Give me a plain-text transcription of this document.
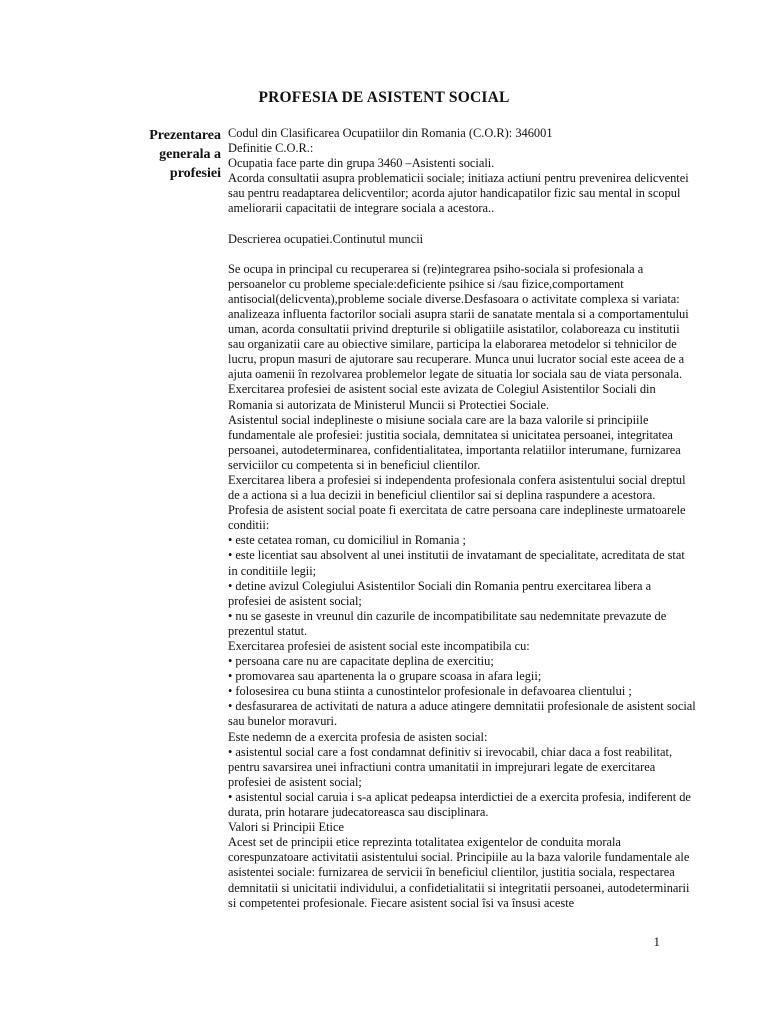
PROFESIA DE ASISTENT SOCIAL
Prezentarea generala a profesiei

Codul din Clasificarea Ocupatiilor din Romania (C.O.R): 346001

Definitie C.O.R.:

Ocupatia face parte din grupa 3460 –Asistenti sociali.

Acorda consultatii asupra problematicii sociale; initiaza actiuni pentru prevenirea delicventei sau pentru readaptarea delicventilor; acorda ajutor handicapatilor fizic sau mental in scopul ameliorarii capacitatii de integrare sociala a acestora..

Descrierea ocupatiei.Continutul muncii

Se ocupa in principal cu recuperarea si (re)integrarea psiho-sociala si profesionala a persoanelor cu probleme speciale:deficiente psihice si /sau fizice,comportament antisocial(delicventa),probleme sociale diverse.Desfasoara o activitate complexa si variata: analizeaza influenta factorilor sociali asupra starii de sanatate mentala si a comportamentului uman, acorda consultatii privind drepturile si obligatiile asistatilor, colaboreaza cu institutii sau organizatii care au obiective similare, participa la elaborarea metodelor si tehnicilor de lucru, propun masuri de ajutorare sau recuperare. Munca unui lucrator social este aceea de a ajuta oamenii în rezolvarea problemelor legate de situatia lor sociala sau de viata personala.

Exercitarea profesiei de asistent social este avizata de Colegiul Asistentilor Sociali din Romania si autorizata de Ministerul Muncii si Protectiei Sociale.

Asistentul social indeplineste o misiune sociala care are la baza valorile si principiile fundamentale ale profesiei: justitia sociala, demnitatea si unicitatea persoanei, integritatea persoanei, autodeterminarea, confidentialitatea, importanta relatiilor interumane, furnizarea serviciilor cu competenta si in beneficiul clientilor.

Exercitarea libera a profesiei si independenta profesionala confera asistentului social dreptul de a actiona si a lua decizii in beneficiul clientilor sai si deplina raspundere a acestora.

Profesia de asistent social poate fi exercitata de catre persoana care indeplineste urmatoarele conditii:

• este cetatea roman, cu domiciliul in Romania ;

• este licentiat sau absolvent al unei institutii de invatamant de specialitate, acreditata de stat in conditiile legii;

• detine avizul Colegiului Asistentilor Sociali din Romania pentru exercitarea libera a profesiei de asistent social;

• nu se gaseste in vreunul din cazurile de incompatibilitate sau nedemnitate prevazute de prezentul statut.

Exercitarea profesiei de asistent social este incompatibila cu:

• persoana care nu are capacitate deplina de exercitiu;

• promovarea sau apartenenta la o grupare scoasa in afara legii;

• folosesirea cu buna stiinta a cunostintelor profesionale in defavoarea clientului ;

• desfasurarea de activitati de natura a aduce atingere demnitatii profesionale de asistent social sau bunelor moravuri.

Este nedemn de a exercita profesia de asisten social:

• asistentul social care a fost condamnat definitiv si irevocabil, chiar daca a fost reabilitat, pentru savarsirea unei infractiuni contra umanitatii in imprejurari legate de exercitarea profesiei de asistent social;

• asistentul social caruia i s-a aplicat pedeapsa interdictiei de a exercita profesia, indiferent de durata, prin hotarare judecatoreasca sau disciplinara.

Valori si Principii Etice

Acest set de principii etice reprezinta totalitatea exigentelor de conduita morala corespunzatoare activitatii asistentului social. Principiile au la baza valorile fundamentale ale asistentei sociale: furnizarea de servicii în beneficiul clientilor, justitia sociala, respectarea demnitatii si unicitatii individului, a confidetialitatii si integritatii persoanei, autodeterminarii si competentei profesionale. Fiecare asistent social îsi va însusi aceste

1
